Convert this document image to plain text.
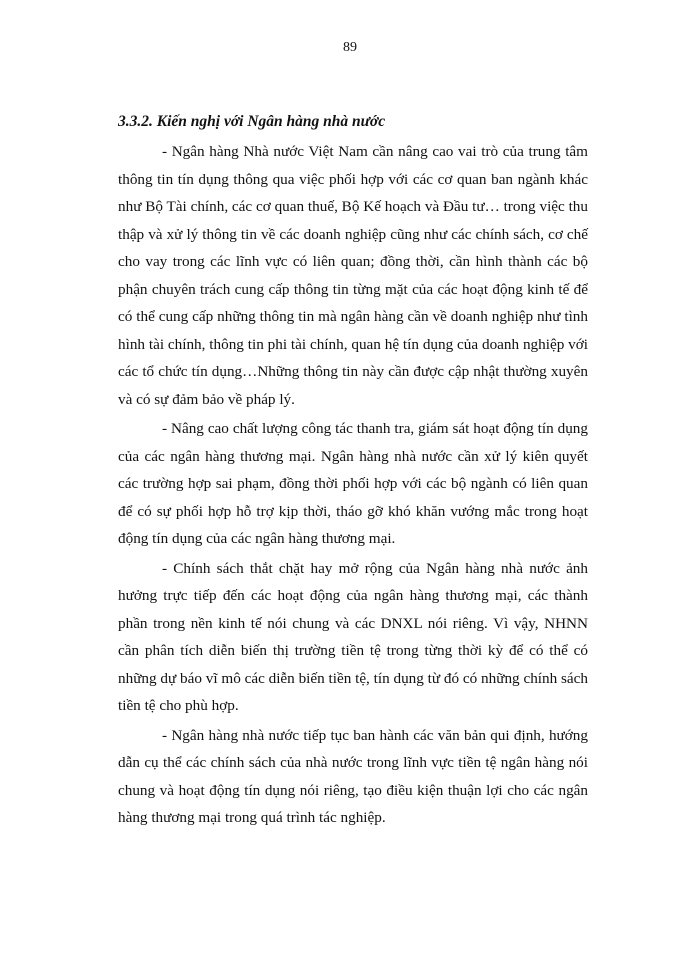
89
3.3.2. Kiến nghị với Ngân hàng nhà nước

- Ngân hàng Nhà nước Việt Nam cần nâng cao vai trò của trung tâm thông tin tín dụng thông qua việc phối hợp với các cơ quan ban ngành khác như Bộ Tài chính, các cơ quan thuế, Bộ Kế hoạch và Đầu tư… trong việc thu thập và xử lý thông tin về các doanh nghiệp cũng như các chính sách, cơ chế cho vay trong các lĩnh vực có liên quan; đồng thời, cần hình thành các bộ phận chuyên trách cung cấp thông tin từng mặt của các hoạt động kinh tế để có thể cung cấp những thông tin mà ngân hàng cần về doanh nghiệp như tình hình tài chính, thông tin phi tài chính, quan hệ tín dụng của doanh nghiệp với các tổ chức tín dụng…Những thông tin này cần được cập nhật thường xuyên và có sự đảm bảo về pháp lý.

- Nâng cao chất lượng công tác thanh tra, giám sát hoạt động tín dụng của các ngân hàng thương mại. Ngân hàng nhà nước cần xử lý kiên quyết các trường hợp sai phạm, đồng thời phối hợp với các bộ ngành có liên quan để có sự phối hợp hỗ trợ kịp thời, tháo gỡ khó khăn vướng mắc trong hoạt động tín dụng của các ngân hàng thương mại.

- Chính sách thắt chặt hay mở rộng của Ngân hàng nhà nước ảnh hưởng trực tiếp đến các hoạt động của ngân hàng thương mại, các thành phần trong nền kinh tế nói chung và các DNXL nói riêng. Vì vậy, NHNN cần phân tích diễn biến thị trường tiền tệ trong từng thời kỳ để có thể có những dự báo vĩ mô các diễn biến tiền tệ, tín dụng từ đó có những chính sách tiền tệ cho phù hợp.

- Ngân hàng nhà nước tiếp tục ban hành các văn bản qui định, hướng dẫn cụ thể các chính sách của nhà nước trong lĩnh vực tiền tệ ngân hàng nói chung và hoạt động tín dụng nói riêng, tạo điều kiện thuận lợi cho các ngân hàng thương mại trong quá trình tác nghiệp.
